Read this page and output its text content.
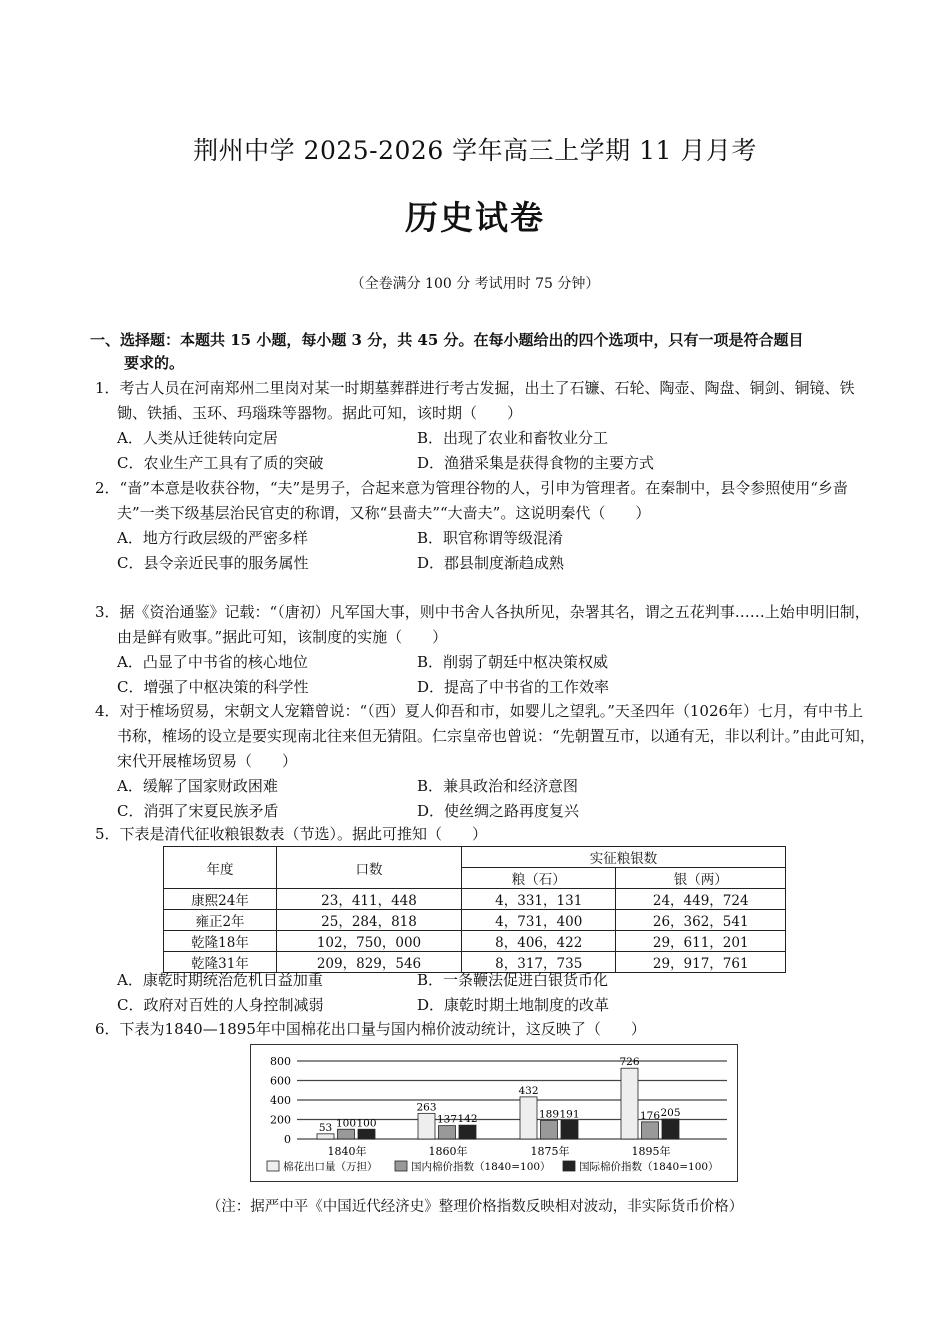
荆州中学 2025-2026 学年高三上学期 11 月月考
历史试卷
（全卷满分 100 分 考试用时 75 分钟）
一、选择题：本题共 15 小题，每小题 3 分，共 45 分。在每小题给出的四个选项中，只有一项是符合题目
要求的。
1．考古人员在河南郑州二里岗对某一时期墓葬群进行考古发掘，出土了石镰、石轮、陶壶、陶盘、铜剑、铜镜、铁锄、铁插、玉环、玛瑙珠等器物。据此可知，该时期（　　）
A．人类从迁徙转向定居	B．出现了农业和畜牧业分工
C．农业生产工具有了质的突破	D．渔猎采集是获得食物的主要方式
2．“啬”本意是收获谷物，“夫”是男子，合起来意为管理谷物的人，引申为管理者。在秦制中，县令参照使用“乡啬夫”一类下级基层治民官吏的称谓，又称“县啬夫”“大啬夫”。这说明秦代（　　）
A．地方行政层级的严密多样	B．职官称谓等级混淆
C．县令亲近民事的服务属性	D．郡县制度渐趋成熟
3．据《资治通鉴》记载：“（唐初）凡军国大事，则中书舍人各执所见，杂署其名，谓之五花判事……上始申明旧制，由是鲜有败事。”据此可知，该制度的实施（　　）
A．凸显了中书省的核心地位	B．削弱了朝廷中枢决策权威
C．增强了中枢决策的科学性	D．提高了中书省的工作效率
4．对于榷场贸易，宋朝文人宠籍曾说：“（西）夏人仰吾和市，如婴儿之望乳。”天圣四年（1026年）七月，有中书上书称，榷场的设立是要实现南北往来但无猜阻。仁宗皇帝也曾说：“先朝置互市，以通有无，非以利计。”由此可知，宋代开展榷场贸易（　　）
A．缓解了国家财政困难	B．兼具政治和经济意图
C．消弭了宋夏民族矛盾	D．使丝绸之路再度复兴
5．下表是清代征收粮银数表（节选）。据此可推知（　　）
年度	口数	实征粮银数	
		粮（石）	银（两）
康熙24年	23，411，448	4，331，131	24，449，724
雍正2年	25，284，818	4，731，400	26，362，541
乾隆18年	102，750，000	8，406，422	29，611，201
乾隆31年	209，829，546	8，317，735	29，917，761
A．康乾时期统治危机日益加重	B．一条鞭法促进白银货币化
C．政府对百姓的人身控制减弱	D．康乾时期土地制度的改革
6．下表为1840—1895年中国棉花出口量与国内棉价波动统计，这反映了（　　）
0
200
400
600
800
53 100 100
1840年
263
137 142
1860年
432
189 191
1875年
726
176 205
1895年
棉花出口量（万担）	国内棉价指数（1840=100）	国际棉价指数（1840=100）
（注：据严中平《中国近代经济史》整理价格指数反映相对波动，非实际货币价格）
